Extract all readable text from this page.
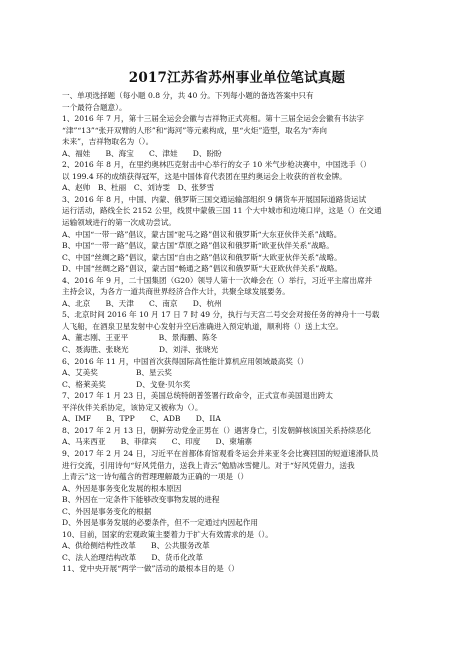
2017江苏省苏州事业单位笔试真题
一、单项选择题（每小题 0.8 分，共 40 分。下列每小题的备选答案中只有
一个最符合题意）。
1、2016 年 7 月，第十三届全运会会徽与吉祥物正式亮相。第十三届全运会会徽有书法字
“津”“13”“张开双臂的人形”和“海河”等元素构成，里“火炬”造型，取名为“奔向
未来”，吉祥物取名为（）。
A、福娃　　B、海宝　　C、津娃　　D、盼盼
2、2016 年 8 月，在里约奥林匹克射击中心举行的女子 10 米气步枪决赛中，中国选手（）
以 199.4 环的成绩获得冠军，这是中国体育代表团在里约奥运会上收获的首枚金牌。
A、赵帅　B、杜丽　C、刘诗雯　D、张梦雪
3、2016 年 8 月，中国、内蒙、俄罗斯三国交通运输部组织 9 辆货车开展国际道路货运试
运行活动，路线全长 2152 公里，线贯中蒙俄三国 11 个大中城市和边境口岸，这是（）在交通
运输领域进行的第一次成功尝试。
A、中国“一带一路”倡议，蒙古国“驼马之路”倡议和俄罗斯“大东亚伙伴关系”战略。
B、中国“一带一路”倡议，蒙古国“草原之路”倡议和俄罗斯“欧亚伙伴关系”战略。
C、中国“丝绸之路”倡议，蒙古国“自由之路”倡议和俄罗斯“大欧亚伙伴关系”战略。
D、中国“丝绸之路”倡议，蒙古国“畅通之路”倡议和俄罗斯“大亚欧伙伴关系”战略。
4、2016 年 9 月，二十国集团（G20）领导人第十一次峰会在（）举行，习近平主席出席并
主持会议，为各方一道共商世界经济合作大计，共聚全球发展要务。
A、北京　　B、天津　　C、南京　　D、杭州
5、北京时间 2016 年 10 月 17 日 7 时 49 分，执行与天宫二号交会对接任务的神舟十一号载
人飞船，在酒泉卫星发射中心发射升空后准确进入预定轨道，顺利将（）送上太空。
A、董志刚、王亚平　　　　B、景海鹏、陈冬
C、聂海胜、张晓光　　　　D、刘洋、张晓光
6、2016 年 11 月，中国首次获得国际高性能计算机应用领域最高奖（）
A、艾美奖　　　　　B、星云奖
C、格莱美奖　　　　D、戈登·贝尔奖
7、2017 年 1 月 23 日，美国总统特朗普签署行政命令，正式宣布美国退出跨太
平洋伙伴关系协定，该协定又被称为（）。
A、IMF　　B、TPP　　C、ADB　　D、IIA
8、2017 年 2 月 13 日，朝鲜劳动党金正男在（）遇害身亡，引发朝鲜核该国关系持续恶化
A、马来西亚　　B、菲律宾　　C、印度　　D、柬埔寨
9、2017 年 2 月 24 日，习近平在首都体育馆观看冬运会并来亚冬会比赛回国的短道速滑队员
进行交流，引用诗句“好风凭借力，送我上青云”勉励冰雪健儿。对于“好风凭借力，送我
上青云”这一诗句蕴含的哲理理解最为正确的一项是（）
A、外因是事务变化发展的根本原因
B、外因在一定条件下能够改变事物发展的进程
C、外因是事务变化的根据
D、外因是事务发展的必要条件，但不一定通过内因起作用
10、目前，国家的宏观政策主要着力于扩大有效需求的是（）。
A、供给侧结构性改革　　B、公共服务改革
C、法人治理结构改革　　D、货币化改革
11、党中央开展“两学一做”活动的最根本目的是（）
